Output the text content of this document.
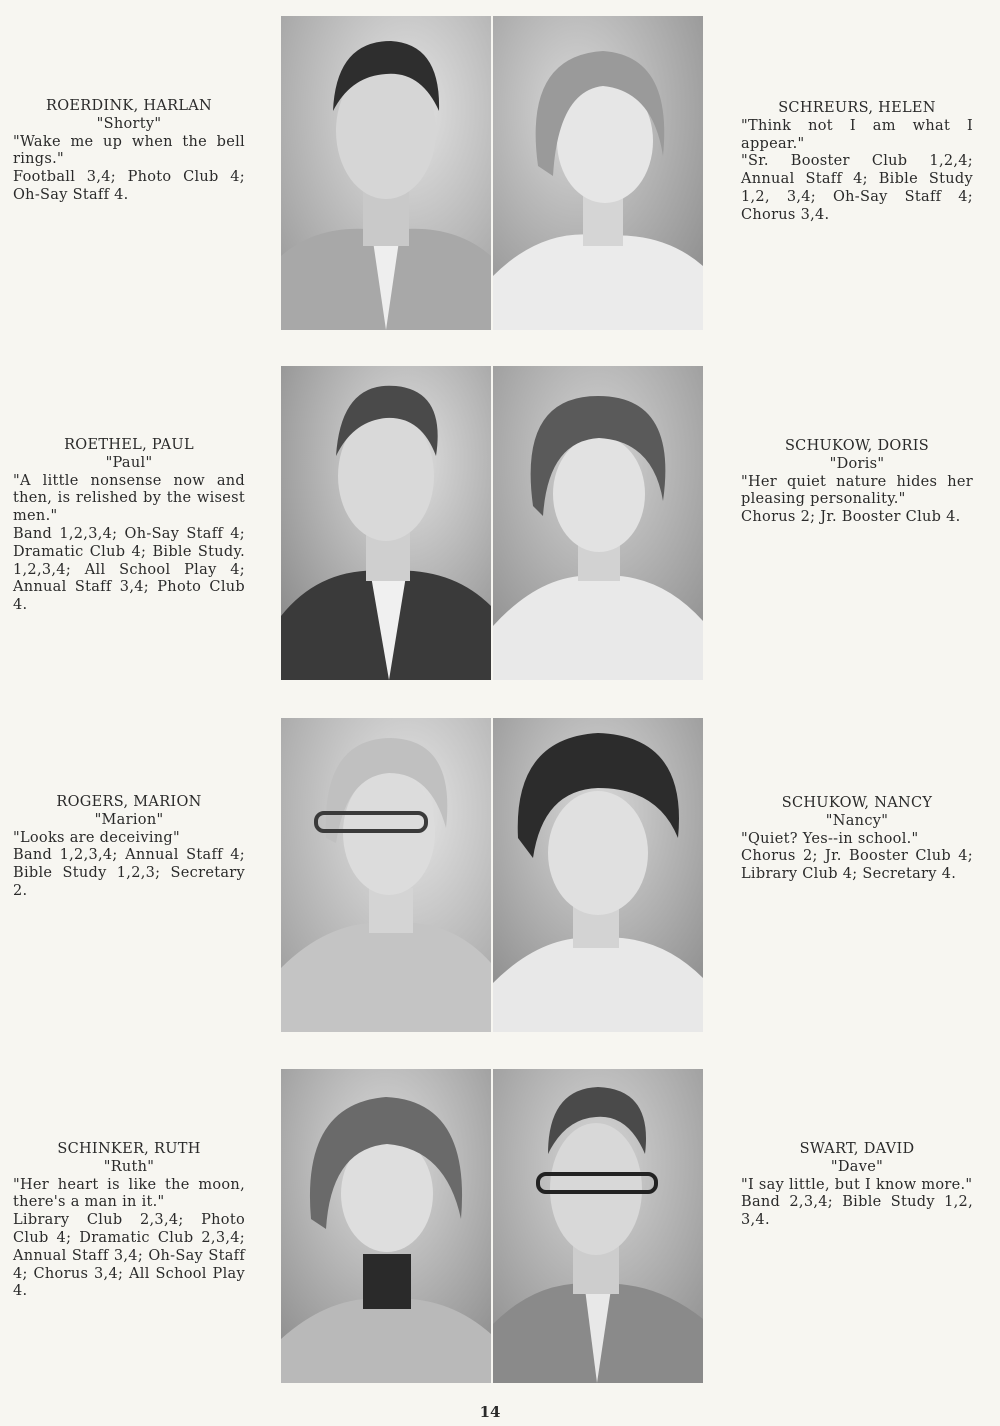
ROERDINK, HARLAN
"Shorty"
"Wake me up when the bell rings."
Football 3,4; Photo Club 4; Oh-Say Staff 4.
SCHREURS, HELEN
"Think not I am what I appear."
"Sr. Booster Club 1,2,4; Annual Staff 4; Bible Study 1,2, 3,4; Oh-Say Staff 4; Chorus 3,4.
ROETHEL, PAUL
"Paul"
"A little nonsense now and then, is relished by the wisest men."
Band 1,2,3,4; Oh-Say Staff 4; Dramatic Club 4; Bible Study. 1,2,3,4; All School Play 4; Annual Staff 3,4; Photo Club 4.
SCHUKOW, DORIS
"Doris"
"Her quiet nature hides her pleasing personality."
Chorus 2; Jr. Booster Club 4.
ROGERS, MARION
"Marion"
"Looks are deceiving"
Band 1,2,3,4; Annual Staff 4; Bible Study 1,2,3; Secretary 2.
SCHUKOW, NANCY
"Nancy"
"Quiet? Yes--in school."
Chorus 2; Jr. Booster Club 4; Library Club 4; Secretary 4.
SCHINKER, RUTH
"Ruth"
"Her heart is like the moon, there's a man in it."
Library Club 2,3,4; Photo Club 4; Dramatic Club 2,3,4; Annual Staff 3,4; Oh-Say Staff 4; Chorus 3,4; All School Play 4.
SWART, DAVID
"Dave"
"I say little, but I know more."
Band 2,3,4; Bible Study 1,2, 3,4.
14
